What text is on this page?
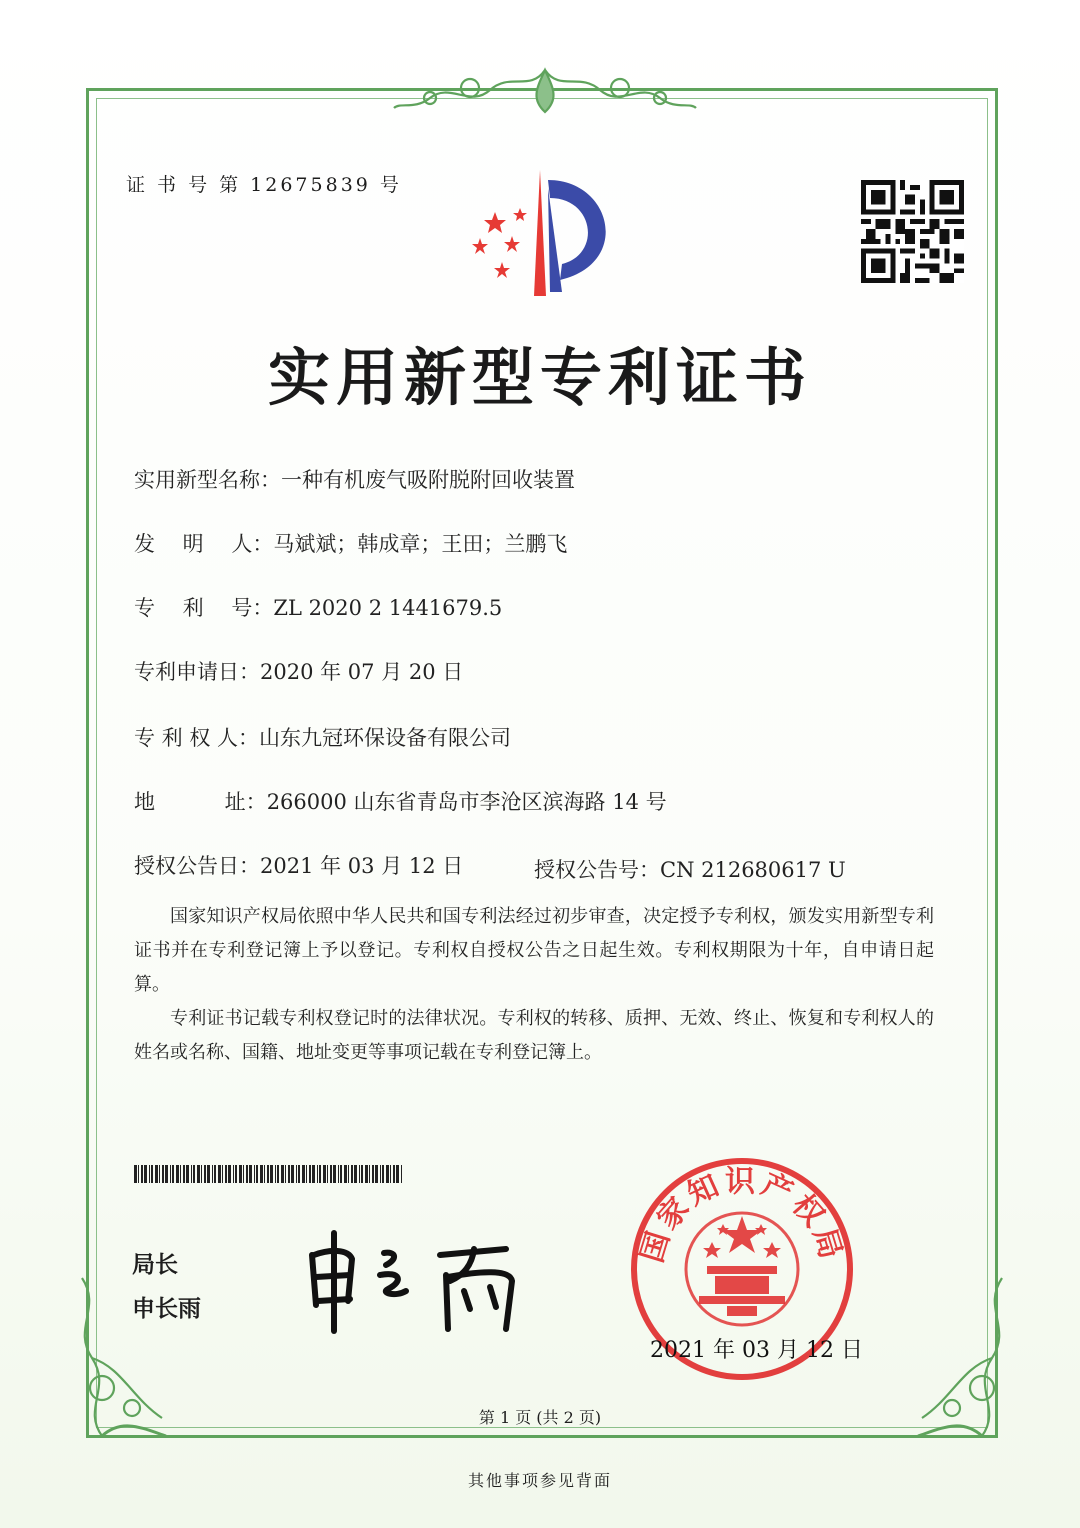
证 书 号 第 12675839 号
实用新型专利证书
实用新型名称：一种有机废气吸附脱附回收装置
发　 明　 人：马斌斌；韩成章；王田；兰鹏飞
专　 利　 号：ZL 2020 2 1441679.5
专利申请日：2020 年 07 月 20 日
专 利 权 人：山东九冠环保设备有限公司
地　　　 址：266000 山东省青岛市李沧区滨海路 14 号
授权公告日：2021 年 03 月 12 日	授权公告号：CN 212680617 U

国家知识产权局依照中华人民共和国专利法经过初步审查，决定授予专利权，颁发实用新型专利证书并在专利登记簿上予以登记。专利权自授权公告之日起生效。专利权期限为十年，自申请日起算。

专利证书记载专利权登记时的法律状况。专利权的转移、质押、无效、终止、恢复和专利权人的姓名或名称、国籍、地址变更等事项记载在专利登记簿上。

局长
申长雨
国家知识产权局
2021 年 03 月 12 日
第 1 页 (共 2 页)
其他事项参见背面
